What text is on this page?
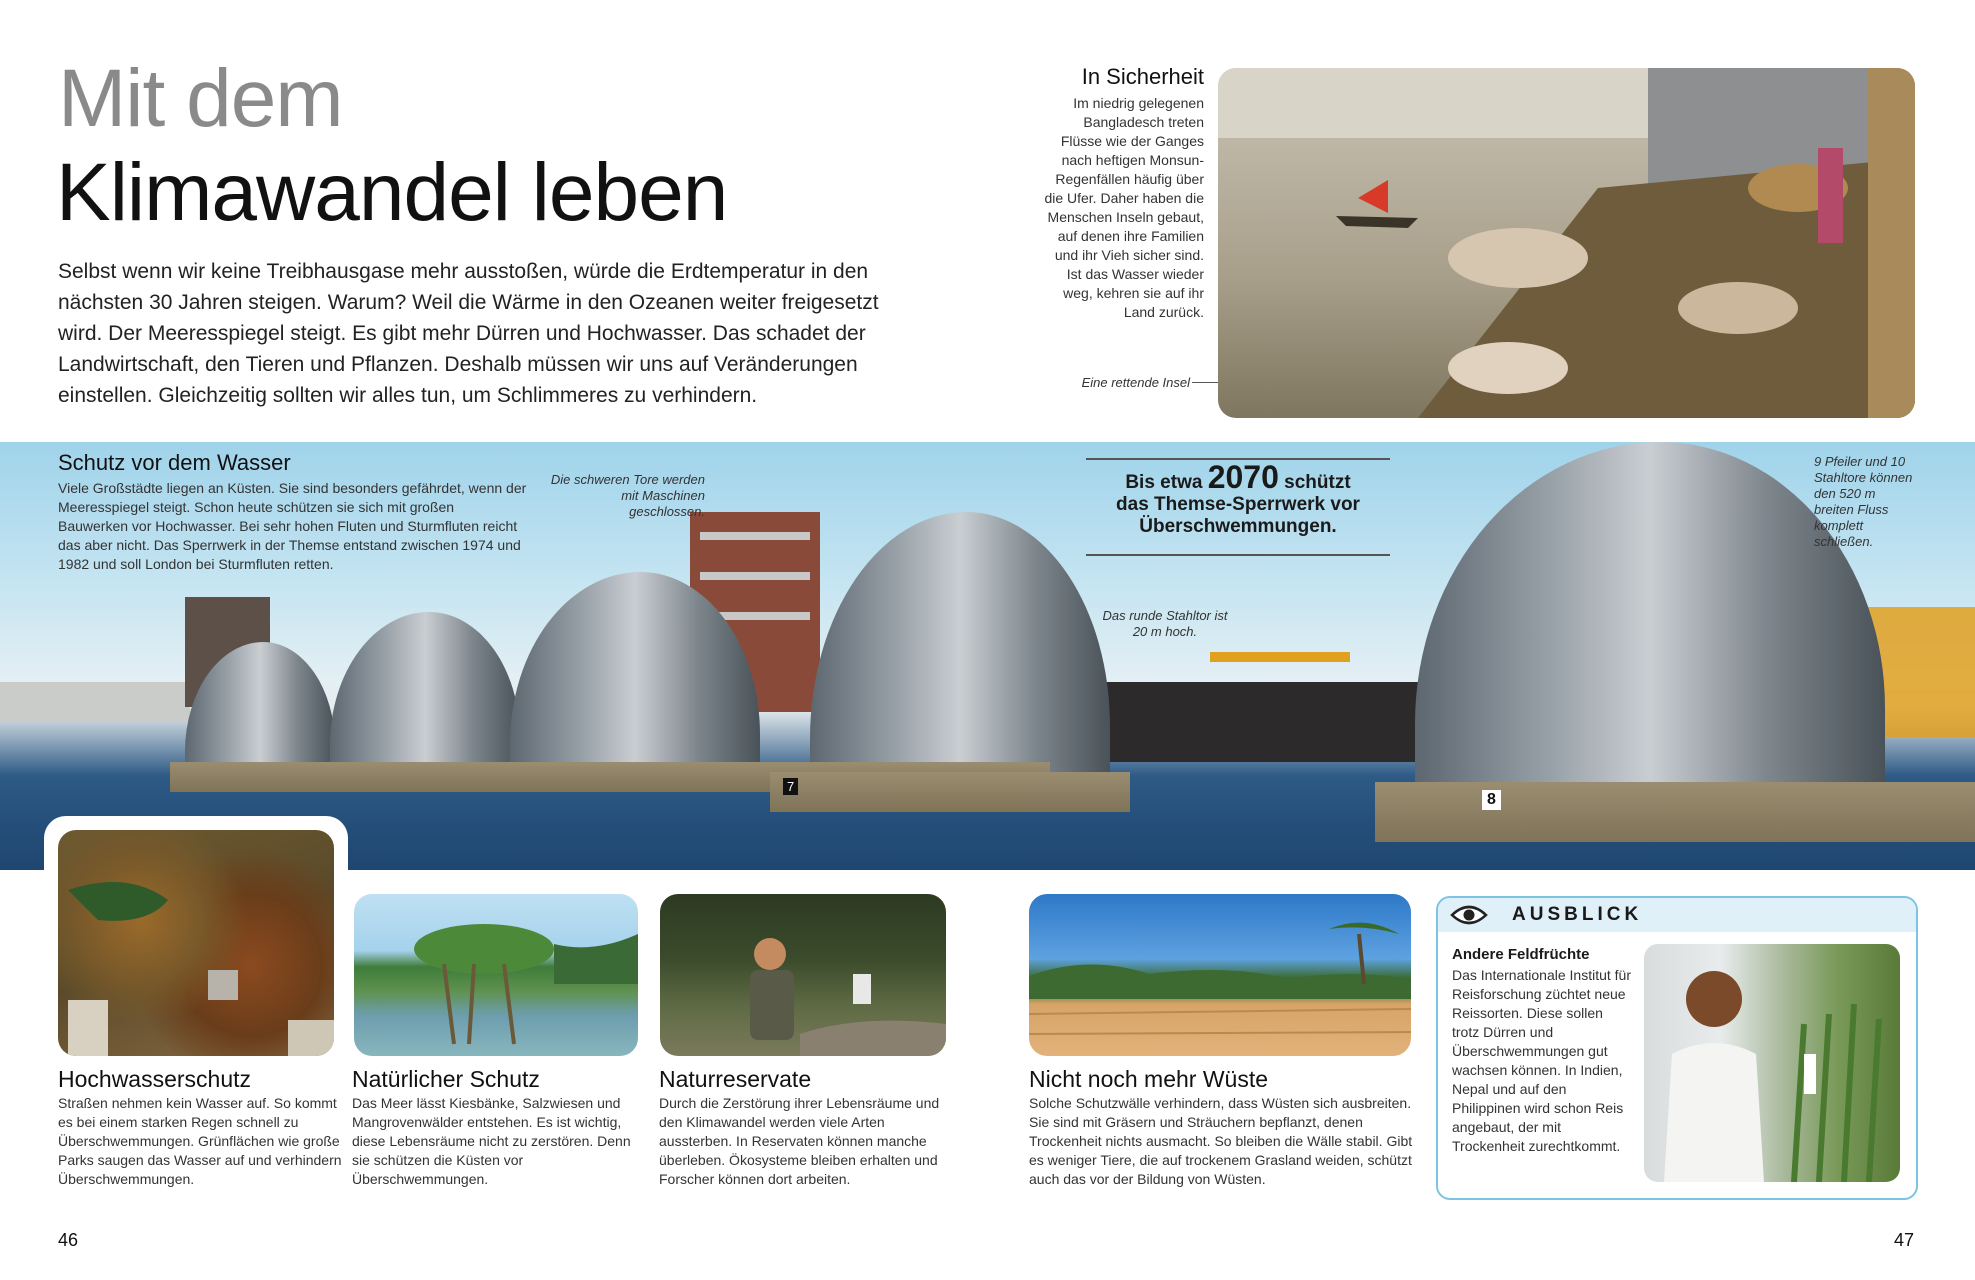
Mit dem
Klimawandel leben
Selbst wenn wir keine Treibhausgase mehr ausstoßen, würde die Erdtemperatur in den nächsten 30 Jahren steigen. Warum? Weil die Wärme in den Ozeanen weiter freigesetzt wird. Der Meeresspiegel steigt. Es gibt mehr Dürren und Hochwasser. Das schadet der Landwirtschaft, den Tieren und Pflanzen. Deshalb müssen wir uns auf Veränderungen einstellen. Gleichzeitig sollten wir alles tun, um Schlimmeres zu verhindern.
In Sicherheit
Im niedrig gelegenen Bangladesch treten Flüsse wie der Ganges nach heftigen Monsun-Regenfällen häufig über die Ufer. Daher haben die Menschen Inseln gebaut, auf denen ihre Familien und ihr Vieh sicher sind. Ist das Wasser wieder weg, kehren sie auf ihr Land zurück.
Eine rettende Insel
7
8
Schutz vor dem Wasser
Viele Großstädte liegen an Küsten. Sie sind besonders gefährdet, wenn der Meeresspiegel steigt. Schon heute schützen sie sich mit großen Bauwerken vor Hochwasser. Bei sehr hohen Fluten und Sturmfluten reicht das aber nicht. Das Sperrwerk in der Themse entstand zwischen 1974 und 1982 und soll London bei Sturmfluten retten.
Die schweren Tore werden mit Maschinen geschlossen.
Das runde Stahltor ist 20 m hoch.
9 Pfeiler und 10 Stahltore können den 520 m breiten Fluss komplett schließen.
Bis etwa 2070 schützt
das Themse-Sperrwerk vor
Überschwemmungen.
Hochwasserschutz
Straßen nehmen kein Wasser auf. So kommt es bei einem starken Regen schnell zu Überschwemmungen. Grünflächen wie große Parks saugen das Wasser auf und verhindern Überschwemmungen.
Natürlicher Schutz
Das Meer lässt Kiesbänke, Salzwiesen und Mangrovenwälder entstehen. Es ist wichtig, diese Lebensräume nicht zu zerstören. Denn sie schützen die Küsten vor Überschwemmungen.
Naturreservate
Durch die Zerstörung ihrer Lebensräume und den Klimawandel werden viele Arten aussterben. In Reservaten können manche überleben. Ökosysteme bleiben erhalten und Forscher können dort arbeiten.
Nicht noch mehr Wüste
Solche Schutzwälle verhindern, dass Wüsten sich ausbreiten. Sie sind mit Gräsern und Sträuchern bepflanzt, denen Trockenheit nichts ausmacht. So bleiben die Wälle stabil. Gibt es weniger Tiere, die auf trockenem Grasland weiden, schützt auch das vor der Bildung von Wüsten.
AUSBLICK
Andere Feldfrüchte
Das Internationale Institut für Reisforschung züchtet neue Reissorten. Diese sollen trotz Dürren und Überschwemmungen gut wachsen können. In Indien, Nepal und auf den Philippinen wird schon Reis angebaut, der mit Trockenheit zurechtkommt.
46	47
